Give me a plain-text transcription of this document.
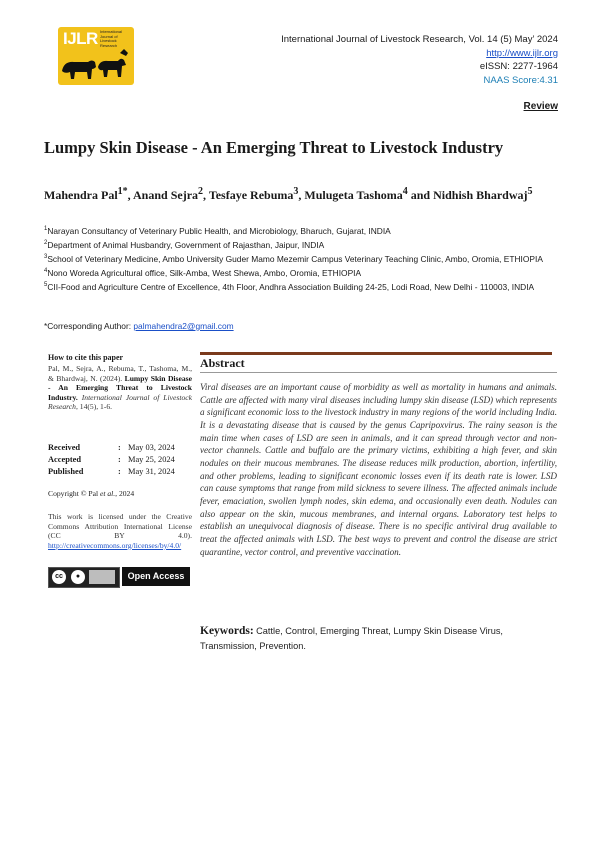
IJLR International Journal of Livestock Research	International Journal of Livestock Research, Vol. 14 (5) May’ 2024
http://www.ijlr.org
eISSN: 2277-1964
NAAS Score:4.31
Review
Lumpy Skin Disease - An Emerging Threat to Livestock Industry
Mahendra Pal$^{1*}$, Anand Sejra$^2$, Tesfaye Rebuma$^3$, Mulugeta Tashoma$^4$ and Nidhish Bhardwaj$^5$
$^1$Narayan Consultancy of Veterinary Public Health, and Microbiology, Bharuch, Gujarat, INDIA
$^2$Department of Animal Husbandry, Government of Rajasthan, Jaipur, INDIA
$^3$School of Veterinary Medicine, Ambo University Guder Mamo Mezemir Campus Veterinary Teaching Clinic, Ambo, Oromia, ETHIOPIA
$^4$Nono Woreda Agricultural office, Silk-Amba, West Shewa, Ambo, Oromia, ETHIOPIA
$^5$CII-Food and Agriculture Centre of Excellence, 4th Floor, Andhra Association Building 24-25, Lodi Road, New Delhi - 110003, INDIA
*Corresponding Author: palmahendra2@gmail.com
How to cite this paper
Pal, M., Sejra, A., Rebuma, T., Tashoma, M., & Bhardwaj, N. (2024). Lumpy Skin Disease - An Emerging Threat to Livestock Industry. International Journal of Livestock Research, 14(5), 1-6.
Received	:	May 03, 2024
Accepted	:	May 25, 2024
Published	:	May 31, 2024
Copyright © Pal et al., 2024
This work is licensed under the Creative Commons Attribution International License (CC BY 4.0). http://creativecommons.org/licenses/by/4.0/
cc	●	Open Access
Abstract
Viral diseases are an important cause of morbidity as well as mortality in humans and animals. Cattle are affected with many viral diseases including lumpy skin disease (LSD) which represents a significant economic loss to the livestock industry in many regions of the world including India. It is a devastating disease that is caused by the genus Capripoxvirus. The rainy season is the main time when cases of LSD are seen in animals, and it can spread through vector and non-vector channels. Cattle and buffalo are the primary victims, exhibiting a high fever, and skin nodules on their mucous membranes. The disease reduces milk production, abortion, infertility, and other problems, leading to significant economic losses even if its death rate is lower. LSD can cause symptoms that range from mild sickness to severe illness. The affected animals include fever, emaciation, swollen lymph nodes, skin edema, and occasionally even death. Nodules can also appear on the skin, mucous membranes, and internal organs. Laboratory test helps to establish an unequivocal diagnosis of disease. There is no specific antiviral drug available to treat the affected animals with LSD. The best ways to prevent and control the disease are strict quarantine, vector control, and preventive vaccination.
Keywords: Cattle, Control, Emerging Threat, Lumpy Skin Disease Virus, Transmission, Prevention.
